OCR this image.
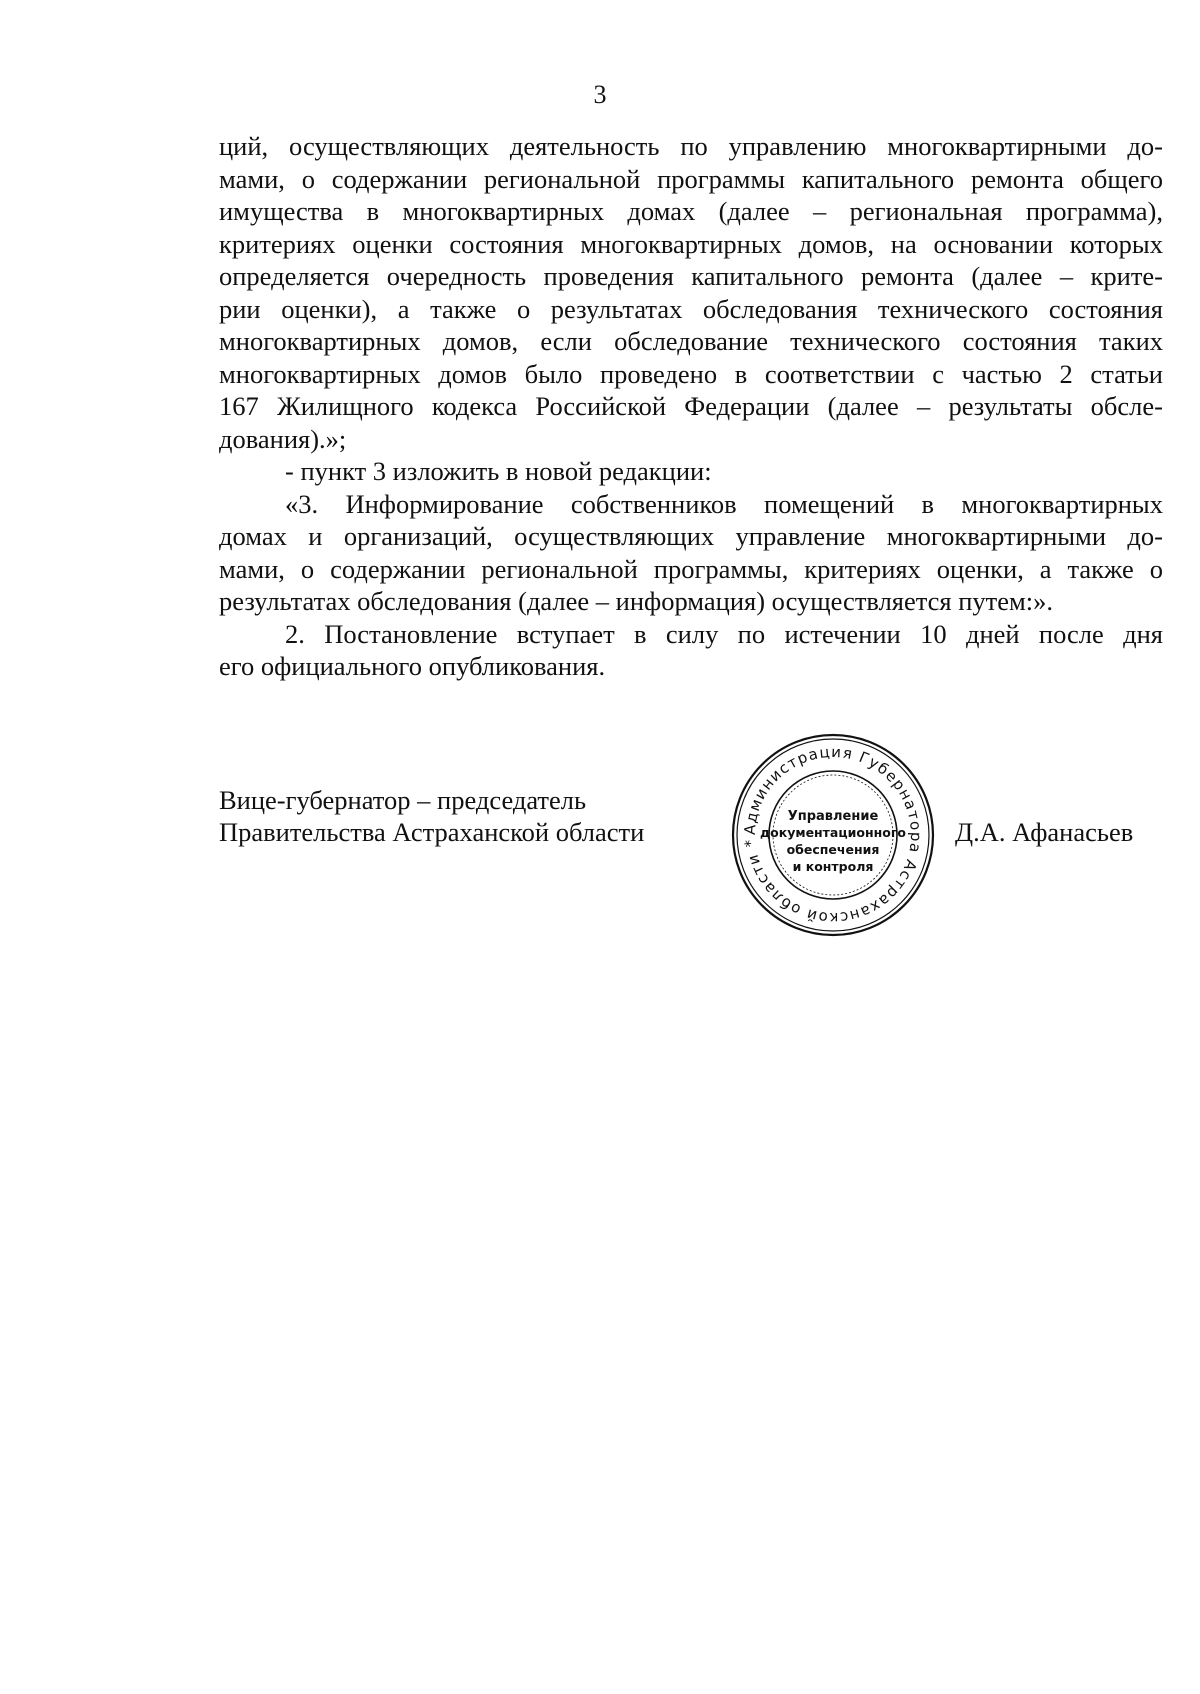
3

ций, осуществляющих деятельность по управлению многоквартирными до-

мами, о содержании региональной программы капитального ремонта общего

имущества в многоквартирных домах (далее – региональная программа),

критериях оценки состояния многоквартирных домов, на основании которых

определяется очередность проведения капитального ремонта (далее – крите-

рии оценки), а также о результатах обследования технического состояния

многоквартирных домов, если обследование технического состояния таких

многоквартирных домов было проведено в соответствии с частью 2 статьи

167 Жилищного кодекса Российской Федерации (далее – результаты обсле-

дования).»;

- пункт 3 изложить в новой редакции:

«3. Информирование собственников помещений в многоквартирных

домах и организаций, осуществляющих управление многоквартирными до-

мами, о содержании региональной программы, критериях оценки, а также о

результатах обследования (далее – информация) осуществляется путем:».

2. Постановление вступает в силу по истечении 10 дней после дня

его официального опубликования.

Вице-губернатор – председатель
Правительства Астраханской области	Администрация Губернатора Астраханской области *
Управление
документационного
обеспечения
и контроля
Д.А. Афанасьев
